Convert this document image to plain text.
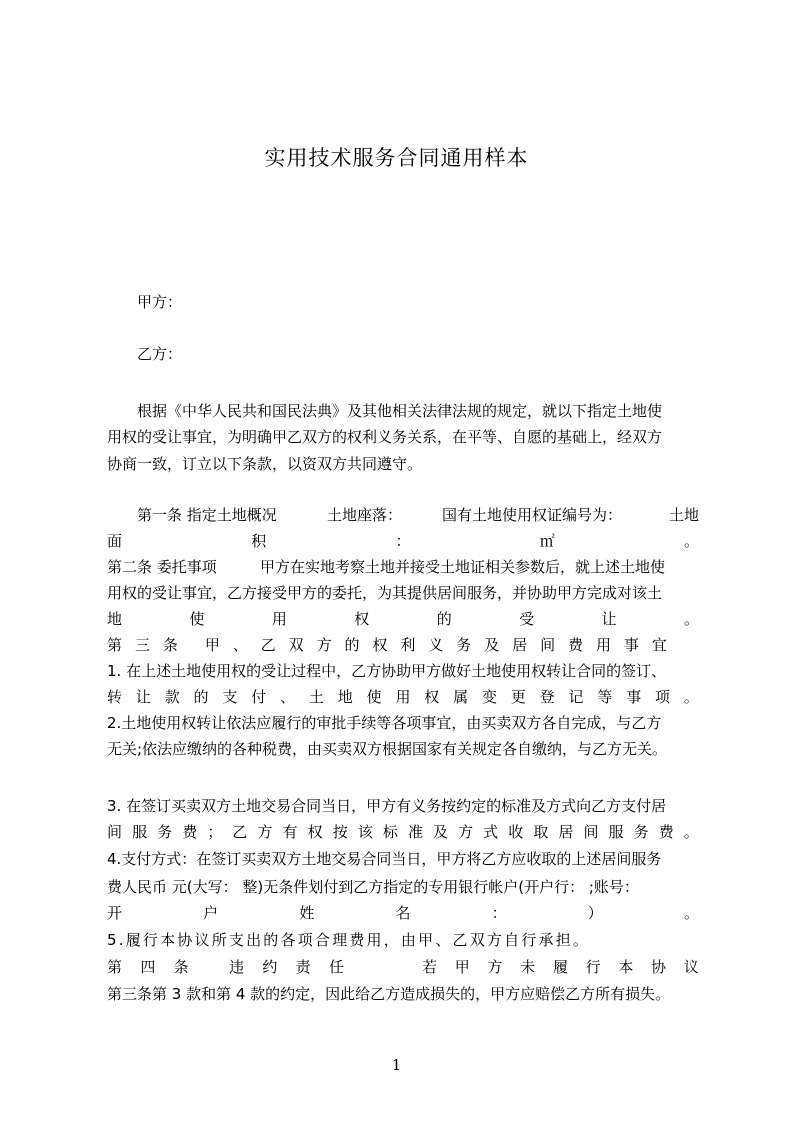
实用技术服务合同通用样本
甲方：
乙方：
根据《中华人民共和国民法典》及其他相关法律法规的规定，就以下指定土地使
用权的受让事宜，为明确甲乙双方的权利义务关系，在平等、自愿的基础上，经双方
协商一致，订立以下条款，以资双方共同遵守。
第一条 指定土地概况	土地座落：	国有土地使用权证编号为：	土地
面	积	：	㎡	。
第二条 委托事项	甲方在实地考察土地并接受土地证相关参数后，就上述土地使
用权的受让事宜，乙方接受甲方的委托，为其提供居间服务，并协助甲方完成对该土
地	使	用	权	的	受	让	。
第 三 条 甲 、 乙 双 方 的 权 利 义 务 及 居 间 费 用 事 宜
1. 在上述土地使用权的受让过程中，乙方协助甲方做好土地使用权转让合同的签订、
转 让 款 的 支 付 、 土 地 使 用 权 属 变 更 登 记 等 事 项 。
2.土地使用权转让依法应履行的审批手续等各项事宜，由买卖双方各自完成，与乙方
无关;依法应缴纳的各种税费，由买卖双方根据国家有关规定各自缴纳，与乙方无关。
3. 在签订买卖双方土地交易合同当日，甲方有义务按约定的标准及方式向乙方支付居
间 服 务 费 ； 乙 方 有 权 按 该 标 准 及 方 式 收 取 居 间 服 务 费 。
4.支付方式：在签订买卖双方土地交易合同当日，甲方将乙方应收取的上述居间服务
费人民币 元(大写： 整)无条件划付到乙方指定的专用银行帐户(开户行： ;账号：
开	户	姓	名	：	）	。
5.履行本协议所支出的各项合理费用，由甲、乙双方自行承担。
第 四 条	违 约 责 任	若 甲 方 未 履 行 本 协 议
第三条第 3 款和第 4 款的约定，因此给乙方造成损失的，甲方应赔偿乙方所有损失。
1
